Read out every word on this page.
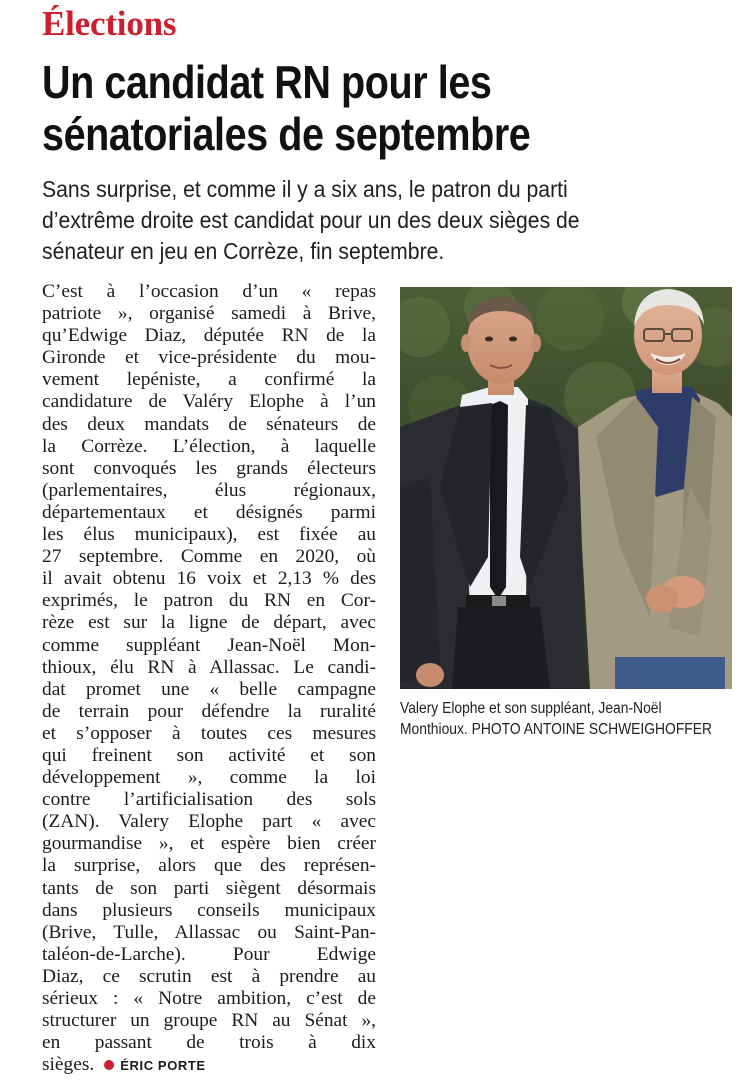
Élections
Un candidat RN pour les
sénatoriales de septembre
Sans surprise, et comme il y a six ans, le patron du parti
d’extrême droite est candidat pour un des deux sièges de
sénateur en jeu en Corrèze, fin septembre.
C’est à l’occasion d’un « repas
patriote », organisé samedi à Brive,
qu’Edwige Diaz, députée RN de la
Gironde et vice-présidente du mou-
vement lepéniste, a confirmé la
candidature de Valéry Elophe à l’un
des deux mandats de sénateurs de
la Corrèze. L’élection, à laquelle
sont convoqués les grands électeurs
(parlementaires, élus régionaux,
départementaux et désignés parmi
les élus municipaux), est fixée au
27 septembre. Comme en 2020, où
il avait obtenu 16 voix et 2,13 % des
exprimés, le patron du RN en Cor-
rèze est sur la ligne de départ, avec
comme suppléant Jean-Noël Mon-
thioux, élu RN à Allassac. Le candi-
dat promet une « belle campagne
de terrain pour défendre la ruralité
et s’opposer à toutes ces mesures
qui freinent son activité et son
développement », comme la loi
contre l’artificialisation des sols
(ZAN). Valery Elophe part « avec
gourmandise », et espère bien créer
la surprise, alors que des représen-
tants de son parti siègent désormais
dans plusieurs conseils municipaux
(Brive, Tulle, Allassac ou Saint-Pan-
taléon-de-Larche). Pour Edwige
Diaz, ce scrutin est à prendre au
sérieux : « Notre ambition, c’est de
structurer un groupe RN au Sénat »,
en passant de trois à dix
sièges. ÉRIC PORTE
Valery Elophe et son suppléant, Jean-Noël
Monthioux. PHOTO ANTOINE SCHWEIGHOFFER
